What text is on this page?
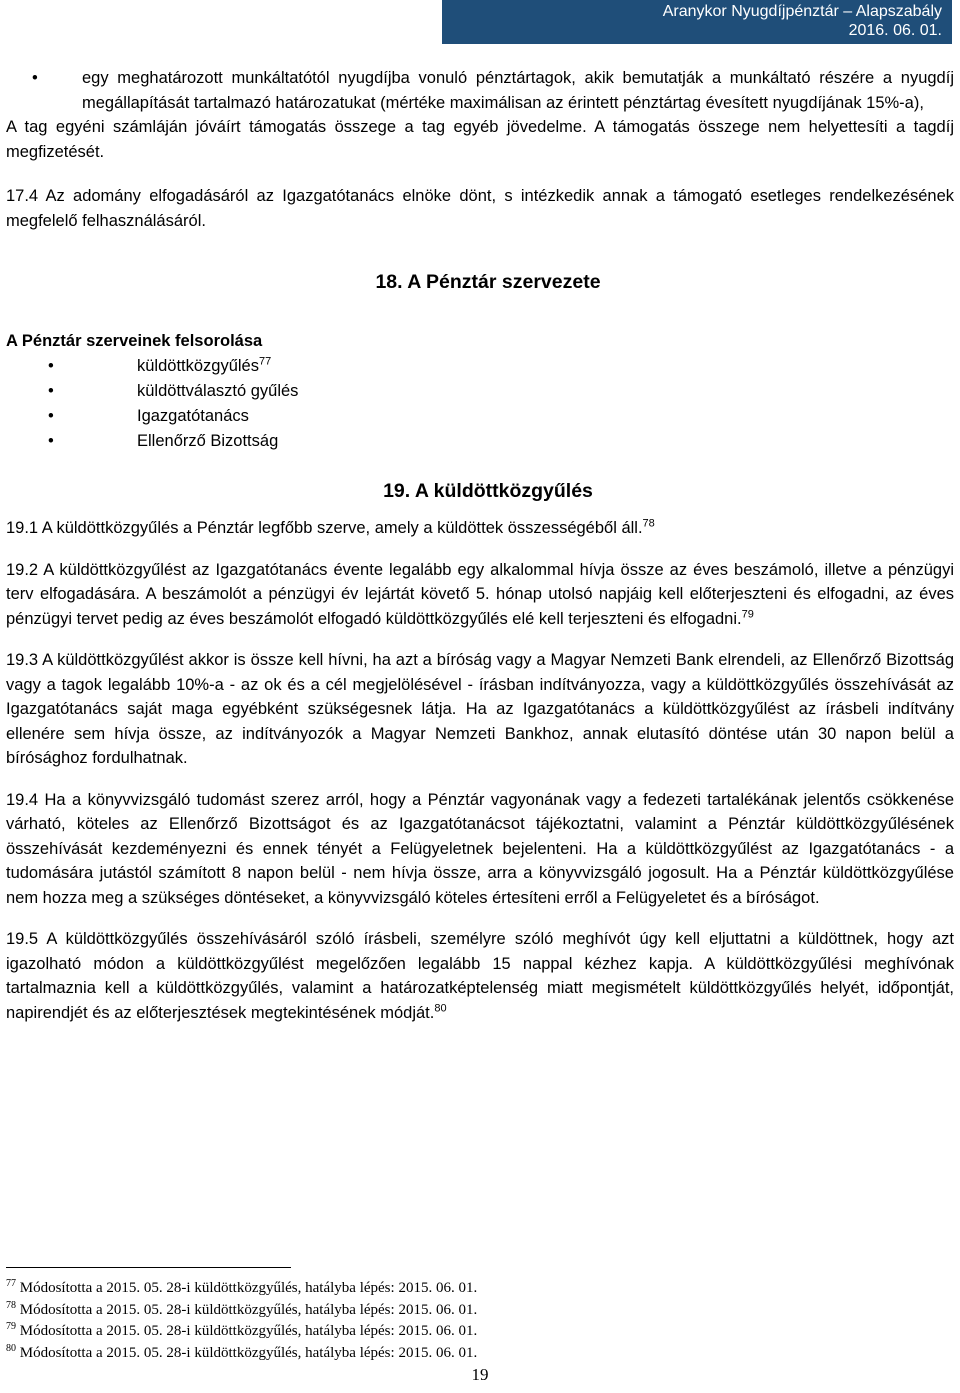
Aranykor Nyugdíjpénztár – Alapszabály
2016. 06. 01.

•	egy meghatározott munkáltatótól nyugdíjba vonuló pénztártagok, akik bemutatják a munkáltató részére a nyugdíj megállapítását tartalmazó határozatukat (mértéke maximálisan az érintett pénztártag évesített nyugdíjának 15%-a),

A tag egyéni számláján jóváírt támogatás összege a tag egyéb jövedelme. A támogatás összege nem helyettesíti a tagdíj megfizetését.

17.4 Az adomány elfogadásáról az Igazgatótanács elnöke dönt, s intézkedik annak a támogató esetleges rendelkezésének megfelelő felhasználásáról.

18. A Pénztár szervezete

A Pénztár szerveinek felsorolása

•	küldöttközgyűlés$^{77}$
•	küldöttválasztó gyűlés
•	Igazgatótanács
•	Ellenőrző Bizottság
19. A küldöttközgyűlés

19.1 A küldöttközgyűlés a Pénztár legfőbb szerve, amely a küldöttek összességéből áll.$^{78}$

19.2 A küldöttközgyűlést az Igazgatótanács évente legalább egy alkalommal hívja össze az éves beszámoló, illetve a pénzügyi terv elfogadására. A beszámolót a pénzügyi év lejártát követő 5. hónap utolsó napjáig kell előterjeszteni és elfogadni, az éves pénzügyi tervet pedig az éves beszámolót elfogadó küldöttközgyűlés elé kell terjeszteni és elfogadni.$^{79}$

19.3 A küldöttközgyűlést akkor is össze kell hívni, ha azt a bíróság vagy a Magyar Nemzeti Bank elrendeli, az Ellenőrző Bizottság vagy a tagok legalább 10%-a - az ok és a cél megjelölésével - írásban indítványozza, vagy a küldöttközgyűlés összehívását az Igazgatótanács saját maga egyébként szükségesnek látja. Ha az Igazgatótanács a küldöttközgyűlést az írásbeli indítvány ellenére sem hívja össze, az indítványozók a Magyar Nemzeti Bankhoz, annak elutasító döntése után 30 napon belül a bírósághoz fordulhatnak.

19.4 Ha a könyvvizsgáló tudomást szerez arról, hogy a Pénztár vagyonának vagy a fedezeti tartalékának jelentős csökkenése várható, köteles az Ellenőrző Bizottságot és az Igazgatótanácsot tájékoztatni, valamint a Pénztár küldöttközgyűlésének összehívását kezdeményezni és ennek tényét a Felügyeletnek bejelenteni. Ha a küldöttközgyűlést az Igazgatótanács - a tudomására jutástól számított 8 napon belül - nem hívja össze, arra a könyvvizsgáló jogosult. Ha a Pénztár küldöttközgyűlése nem hozza meg a szükséges döntéseket, a könyvvizsgáló köteles értesíteni erről a Felügyeletet és a bíróságot.

19.5 A küldöttközgyűlés összehívásáról szóló írásbeli, személyre szóló meghívót úgy kell eljuttatni a küldöttnek, hogy azt igazolható módon a küldöttközgyűlést megelőzően legalább 15 nappal kézhez kapja. A küldöttközgyűlési meghívónak tartalmaznia kell a küldöttközgyűlés, valamint a határozatképtelenség miatt megismételt küldöttközgyűlés helyét, időpontját, napirendjét és az előterjesztések megtekintésének módját.$^{80}$

$^{77}$ Módosította a 2015. 05. 28-i küldöttközgyűlés, hatályba lépés: 2015. 06. 01.
$^{78}$ Módosította a 2015. 05. 28-i küldöttközgyűlés, hatályba lépés: 2015. 06. 01.
$^{79}$ Módosította a 2015. 05. 28-i küldöttközgyűlés, hatályba lépés: 2015. 06. 01.
$^{80}$ Módosította a 2015. 05. 28-i küldöttközgyűlés, hatályba lépés: 2015. 06. 01.
19
